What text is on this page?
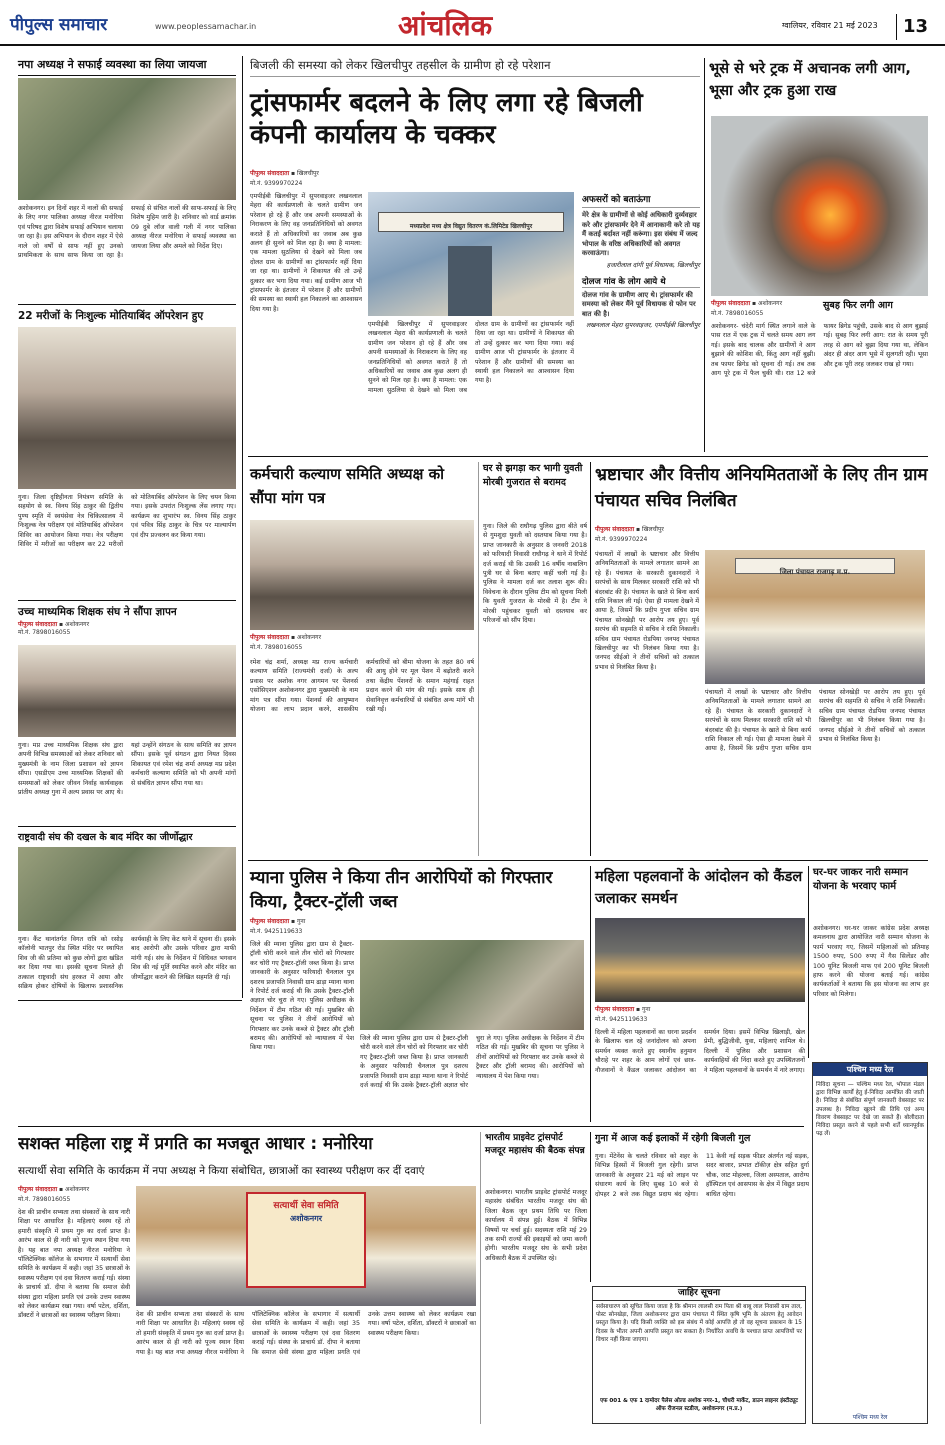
पीपुल्स समाचार	www.peoplessamachar.in	आंचलिक	ग्वालियर, रविवार 21 मई 2023 13
नपा अध्यक्ष ने सफाई व्यवस्था का लिया जायजा
अशोकनगर। इन दिनों शहर में नालों की सफाई के लिए नगर पालिका अध्यक्ष नीरज मनोरिया एवं परिषद द्वारा विशेष सफाई अभियान चलाया जा रहा है। इस अभियान के दौरान शहर में ऐसे नाले जो वर्षों से साफ नहीं हुए उनको प्राथमिकता के साथ साफ किया जा रहा है। सफाई से संचित नालों की साफ-सफाई के लिए विशेष मुहिम जारी है। शनिवार को वार्ड क्रमांक 09 दुबे लॉज वाली गली में नगर पालिका अध्यक्ष नीरज मनोरिया ने सफाई व्यवस्था का जायजा लिया और अमले को निर्देश दिए।
22 मरीजों के निःशुल्क मोतियाबिंद ऑपरेशन हुए
गुना। जिला दृष्टिहीनता नियंत्रण समिति के सहयोग से स्व. विनय सिंह ठाकुर की द्वितीय पुण्य स्मृति में स्वयंसेवा नेत्र चिकित्सालय में निःशुल्क नेत्र परीक्षण एवं मोतियाबिंद ऑपरेशन शिविर का आयोजन किया गया। नेत्र परीक्षण शिविर में मरीजों का परीक्षण कर 22 मरीजों को मोतियाबिंद ऑपरेशन के लिए चयन किया गया। इसके उपरांत निःशुल्क लेंस लगाए गए। कार्यक्रम का शुभारंभ स्व. विनय सिंह ठाकुर एवं पवित्र सिंह ठाकुर के चित्र पर माल्यार्पण एवं दीप प्रज्वलन कर किया गया।
उच्च माध्यमिक शिक्षक संघ ने सौंपा ज्ञापन
पीपुल्स संवाददाता ▪ अशोकनगर
मो.नं. 7898016055
गुना। मप्र उच्च माध्यमिक शिक्षक संघ द्वारा अपनी विभिन्न समस्याओं को लेकर शनिवार को मुख्यमंत्री के नाम जिला प्रशासन को ज्ञापन सौंपा। एसडीएम उच्च माध्यमिक शिक्षकों की समस्याओं को लेकर जीवन निर्वाह कार्यवाहक प्रांतीय अध्यक्ष गुना में अल्प प्रवास पर आए थे। यहां उन्होंने संगठन के साथ समिति का ज्ञापन सौंपा। इसके पूर्व संगठन द्वारा नियत दिवस शिकायत एवं रमेश चंद्र शर्मा अध्यक्ष मप्र प्रदेश कर्मचारी कल्याण समिति को भी अपनी मांगों से संबंधित ज्ञापन सौंपा गया था।
राष्ट्रवादी संघ की दखल के बाद मंदिर का जीर्णोद्धार
गुना। कैंट थानांतर्गत विगत रात्रि को रसोड़ कॉलोनी भातपुर रोड स्थित मंदिर पर स्थापित शिव जी की प्रतिमा को कुछ लोगों द्वारा खंडित कर दिया गया था। इसकी सूचना मिलते ही तत्काल राष्ट्रवादी संघ हरकत में आया और सक्रिय होकर दोषियों के खिलाफ प्रशासनिक कार्यवाही के लिए केंट थाने में सूचना दी। इसके बाद आरोपी और उसके परिवार द्वारा माफी मांगी गई। संघ के निर्देशन में विधिवत भगवान शिव की नई मूर्ति स्थापित करने और मंदिर का जीर्णोद्धार कराने की लिखित सहमति दी गई।
बिजली की समस्या को लेकर खिलचीपुर तहसील के ग्रामीण हो रहे परेशान
ट्रांसफार्मर बदलने के लिए लगा रहे बिजली कंपनी कार्यालय के चक्कर
पीपुल्स संवाददाता ▪ खिलचीपुर
मो.नं. 9399970224
एमपीईबी खिलचीपुर में सुपरवाइजर लखनलाल मेहरा की कार्यप्रणाली के चलते ग्रामीण जन परेशान हो रहे हैं और जब अपनी समस्याओं के निराकरण के लिए वह जनप्रतिनिधियों को अवगत कराते हैं तो अधिकारियों का जवाब अब कुछ अलग ही सुनने को मिल रहा है। क्या है मामला: एक मामला सुठलिया से देखने को मिला जब दोलत ग्राम के ग्रामीणों का ट्रांसफार्मर नहीं दिया जा रहा था। ग्रामीणों ने शिकायत की तो उन्हें दुत्कार कर भगा दिया गया। कई ग्रामीण आज भी ट्रांसफार्मर के इंतजार में परेशान हैं और ग्रामीणों की समस्या का स्थायी हल निकालने का आश्वासन दिया गया है।
मध्यप्रदेश मध्य क्षेत्र विद्युत वितरण कं.लिमिटेड खिलचीपुर
एमपीईबी खिलचीपुर में सुपरवाइजर लखनलाल मेहरा की कार्यप्रणाली के चलते ग्रामीण जन परेशान हो रहे हैं और जब अपनी समस्याओं के निराकरण के लिए वह जनप्रतिनिधियों को अवगत कराते हैं तो अधिकारियों का जवाब अब कुछ अलग ही सुनने को मिल रहा है। क्या है मामला: एक मामला सुठलिया से देखने को मिला जब दोलत ग्राम के ग्रामीणों का ट्रांसफार्मर नहीं दिया जा रहा था। ग्रामीणों ने शिकायत की तो उन्हें दुत्कार कर भगा दिया गया। कई ग्रामीण आज भी ट्रांसफार्मर के इंतजार में परेशान हैं और ग्रामीणों की समस्या का स्थायी हल निकालने का आश्वासन दिया गया है।
अफसरों को बताऊंगा
मेरे क्षेत्र के ग्रामीणों से कोई अधिकारी दुर्व्यवहार करे और ट्रांसफार्मर देने में आनाकानी करे तो यह मैं कतई बर्दाश्त नहीं करूंगा। इस संबंध में जल्द भोपाल के वरिष्ठ अधिकारियों को अवगत करवाऊंगा।
हजारीलाल दांगी पूर्व विधायक, खिलचीपुर
दोलज गांव के लोग आये थे
दोलज गांव के ग्रामीण आए थे। ट्रांसफार्मर की समस्या को लेकर मैंने पूर्व विधायक से फोन पर बात की है।
लखनलाल मेहरा सुपरवाइजर, एमपीईबी खिलचीपुर
भूसे से भरे ट्रक में अचानक लगी आग, भूसा और ट्रक हुआ राख
पीपुल्स संवाददाता ▪ अशोकनगर
मो.नं. 7898016055
सुबह फिर लगी आग
अशोकनगर- चंदेरी मार्ग स्थित लगाने वाले के पास रात में एक ट्रक में चलते समय आग लग गई। इसके बाद चालक और ग्रामीणों ने आग बुझाने की कोशिश की, किंतु आग नहीं बुझी। तब फायर ब्रिगेड को सूचना दी गई। तब तक आग पूरे ट्रक में फैल चुकी थी। रात 12 बजे फायर ब्रिगेड पहुंची, उसके बाद से आग बुझाई गई। सुबह फिर लगी आग: रात के समय पूरी तरह से आग को बुझा दिया गया था, लेकिन अंदर ही अंदर आग भूसे में सुलगती रही। भूसा और ट्रक पूरी तरह जलकर राख हो गया।
कर्मचारी कल्याण समिति अध्यक्ष को सौंपा मांग पत्र
पीपुल्स संवाददाता ▪ अशोकनगर
मो.नं. 7898016055
रमेश चंद्र शर्मा, अध्यक्ष मप्र राज्य कर्मचारी कल्याण समिति (राज्यमंत्री दर्जा) के अल्प प्रवास पर अशोक नगर आगमन पर पेंशनर्स एसोसिएशन अशोकनगर द्वारा मुख्यमंत्री के नाम मांग पत्र सौंपा गया। पेंशनर्स की आयुष्मान योजना का लाभ प्रदान करने, शासकीय कर्मचारियों को बीमा योजना के तहत 80 वर्ष की आयु होने पर मूल पेंशन में बढ़ोतरी करने तथा केंद्रीय पेंशनरों के समान महंगाई राहत प्रदान करने की मांग की गई। इसके साथ ही सेवानिवृत्त कर्मचारियों से संबंधित अन्य मांगें भी रखी गईं।
घर से झगड़ा कर भागी युवती मोरबी गुजरात से बरामद
गुना। जिले की राघौगढ़ पुलिस द्वारा बीते वर्ष से गुमशुदा युवती को दस्तयाब किया गया है। प्राप्त जानकारी के अनुसार 8 जनवरी 2018 को फरियादी निवासी राघौगढ़ ने थाने में रिपोर्ट दर्ज कराई थी कि उसकी 16 वर्षीय नाबालिग पुत्री घर से बिना बताए कहीं चली गई है। पुलिस ने मामला दर्ज कर तलाश शुरू की। विवेचना के दौरान पुलिस टीम को सूचना मिली कि युवती गुजरात के मोरबी में है। टीम ने मोरबी पहुंचकर युवती को दस्तयाब कर परिजनों को सौंप दिया।
भ्रष्टाचार और वित्तीय अनियमितताओं के लिए तीन ग्राम पंचायत सचिव निलंबित
पीपुल्स संवाददाता ▪ खिलचीपुर
मो.नं. 9399970224
पंचायतों में लाखों के भ्रष्टाचार और वित्तीय अनियमितताओं के मामले लगातार सामने आ रहे हैं। पंचायत के सरकारी दुकानदारों ने सरपंचों के साथ मिलकर सरकारी राशि को भी बंदरबांट की है। पंचायत के खाते से बिना कार्य राशि निकाल ली गई। ऐसा ही मामला देखने में आया है, जिसमें कि प्रदीप गुप्ता सचिव ग्राम पंचायत सोनखेड़ी पर आरोप तय हुए। पूर्व सरपंच की सहमति से सचिव ने राशि निकाली। सचिव ग्राम पंचायत रोडपिया जनपद पंचायत खिलचीपुर का भी निलंबन किया गया है। जनपद सीईओ ने तीनों सचिवों को तत्काल प्रभाव से निलंबित किया है।
जिला पंचायत राजगढ़ म.प्र.
पंचायतों में लाखों के भ्रष्टाचार और वित्तीय अनियमितताओं के मामले लगातार सामने आ रहे हैं। पंचायत के सरकारी दुकानदारों ने सरपंचों के साथ मिलकर सरकारी राशि को भी बंदरबांट की है। पंचायत के खाते से बिना कार्य राशि निकाल ली गई। ऐसा ही मामला देखने में आया है, जिसमें कि प्रदीप गुप्ता सचिव ग्राम पंचायत सोनखेड़ी पर आरोप तय हुए। पूर्व सरपंच की सहमति से सचिव ने राशि निकाली। सचिव ग्राम पंचायत रोडपिया जनपद पंचायत खिलचीपुर का भी निलंबन किया गया है। जनपद सीईओ ने तीनों सचिवों को तत्काल प्रभाव से निलंबित किया है।
म्याना पुलिस ने किया तीन आरोपियों को गिरफ्तार किया, ट्रैक्टर-ट्रॉली जब्त
पीपुल्स संवाददाता ▪ गुना
मो.नं. 9425119633
जिले की म्याना पुलिस द्वारा ग्राम से ट्रैक्टर-ट्रॉली चोरी करने वाले तीन चोरों को गिरफ्तार कर चोरी गए ट्रैक्टर-ट्रॉली जब्त किया है। प्राप्त जानकारी के अनुसार फरियादी चैनलाल पुत्र दशरथ प्रजापति निवासी ग्राम ढाड़ा म्याना थाना ने रिपोर्ट दर्ज कराई थी कि उसके ट्रैक्टर-ट्रॉली अज्ञात चोर चुरा ले गए। पुलिस अधीक्षक के निर्देशन में टीम गठित की गई। मुखबिर की सूचना पर पुलिस ने तीनों आरोपियों को गिरफ्तार कर उनके कब्जे से ट्रैक्टर और ट्रॉली बरामद की। आरोपियों को न्यायालय में पेश किया गया।
जिले की म्याना पुलिस द्वारा ग्राम से ट्रैक्टर-ट्रॉली चोरी करने वाले तीन चोरों को गिरफ्तार कर चोरी गए ट्रैक्टर-ट्रॉली जब्त किया है। प्राप्त जानकारी के अनुसार फरियादी चैनलाल पुत्र दशरथ प्रजापति निवासी ग्राम ढाड़ा म्याना थाना ने रिपोर्ट दर्ज कराई थी कि उसके ट्रैक्टर-ट्रॉली अज्ञात चोर चुरा ले गए। पुलिस अधीक्षक के निर्देशन में टीम गठित की गई। मुखबिर की सूचना पर पुलिस ने तीनों आरोपियों को गिरफ्तार कर उनके कब्जे से ट्रैक्टर और ट्रॉली बरामद की। आरोपियों को न्यायालय में पेश किया गया।
महिला पहलवानों के आंदोलन को कैंडल जलाकर समर्थन
पीपुल्स संवाददाता ▪ गुना
मो.नं. 9425119633
दिल्ली में महिला पहलवानों का धरना प्रदर्शन के खिलाफ चल रहे जनांदोलन को अपना समर्थन व्यक्त करते हुए स्थानीय हनुमान चौराहे पर शहर के आम लोगों एवं छात्र-नौजवानों ने कैंडल जलाकर आंदोलन का समर्थन दिया। इसमें विभिन्न खिलाड़ी, खेल प्रेमी, बुद्धिजीवी, युवा, महिलाएं शामिल थे। दिल्ली में पुलिस और प्रशासन की कार्यवाहियों की निंदा करते हुए उपस्थितजनों ने महिला पहलवानों के समर्थन में नारे लगाए।
घर-घर जाकर नारी सम्मान योजना के भरवाए फार्म
अशोकनगर। घर-घर जाकर कांग्रेस प्रदेश अध्यक्ष कमलनाथ द्वारा आयोजित नारी सम्मान योजना के फार्म भरवाए गए, जिसमें महिलाओं को प्रतिमाह 1500 रुपए, 500 रुपए में गैस सिलेंडर और 100 यूनिट बिजली माफ एवं 200 यूनिट बिजली हाफ करने की योजना बताई गई। कांग्रेस कार्यकर्ताओं ने बताया कि इस योजना का लाभ हर परिवार को मिलेगा।
पश्चिम मध्य रेल
निविदा सूचना — पश्चिम मध्य रेल, भोपाल मंडल द्वारा विभिन्न कार्यों हेतु ई-निविदा आमंत्रित की जाती है। निविदा से संबंधित संपूर्ण जानकारी वेबसाइट पर उपलब्ध है। निविदा खुलने की तिथि एवं अन्य विवरण वेबसाइट पर देखे जा सकते हैं। बोलीदाता निविदा प्रस्तुत करने से पहले सभी शर्तें ध्यानपूर्वक पढ़ लें।
पश्चिम मध्य रेल
सशक्त महिला राष्ट्र में प्रगति का मजबूत आधार : मनोरिया
सत्यार्थी सेवा समिति के कार्यक्रम में नपा अध्यक्ष ने किया संबोधित, छात्राओं का स्वास्थ्य परीक्षण कर दीं दवाएं
पीपुल्स संवाददाता ▪ अशोकनगर
मो.नं. 7898016055
देश की प्राचीन सभ्यता तथा संस्कारों के साथ नारी शिक्षा पर आधारित है। महिलाएं स्वस्थ रहें तो हमारी संस्कृति में प्रथम गुरु का दर्जा प्राप्त है। आरंभ काल से ही नारी को पूज्य स्थान दिया गया है। यह बात नपा अध्यक्ष नीरज मनोरिया ने पॉलिटेक्निक कॉलेज के सभागार में सत्यार्थी सेवा समिति के कार्यक्रम में कही। जहां 35 छात्राओं के स्वास्थ्य परीक्षण एवं दवा वितरण कराई गई। संस्था के प्राचार्य डॉ. दीपा ने बताया कि समाज सेवी संस्था द्वारा महिला प्रगति एवं उनके उत्तम स्वास्थ्य को लेकर कार्यक्रम रखा गया। वर्षा पटेल, दर्शिता, डॉक्टरों ने छात्राओं का स्वास्थ्य परीक्षण किया।
सत्यार्थी सेवा समिति
अशोकनगर
देश की प्राचीन सभ्यता तथा संस्कारों के साथ नारी शिक्षा पर आधारित है। महिलाएं स्वस्थ रहें तो हमारी संस्कृति में प्रथम गुरु का दर्जा प्राप्त है। आरंभ काल से ही नारी को पूज्य स्थान दिया गया है। यह बात नपा अध्यक्ष नीरज मनोरिया ने पॉलिटेक्निक कॉलेज के सभागार में सत्यार्थी सेवा समिति के कार्यक्रम में कही। जहां 35 छात्राओं के स्वास्थ्य परीक्षण एवं दवा वितरण कराई गई। संस्था के प्राचार्य डॉ. दीपा ने बताया कि समाज सेवी संस्था द्वारा महिला प्रगति एवं उनके उत्तम स्वास्थ्य को लेकर कार्यक्रम रखा गया। वर्षा पटेल, दर्शिता, डॉक्टरों ने छात्राओं का स्वास्थ्य परीक्षण किया।
भारतीय प्राइवेट ट्रांसपोर्ट मजदूर महासंघ की बैठक संपन्न
अशोकनगर। भारतीय प्राइवेट ट्रांसपोर्ट मजदूर महासंघ संबंधित भारतीय मजदूर संघ की जिला बैठक जून प्रथम तिथि पर जिला कार्यालय में संपन्न हुई। बैठक में विभिन्न विषयों पर चर्चा हुई। सदस्यता राशि मई 29 तक सभी राज्यों की इकाइयों को जमा करनी होगी। भारतीय मजदूर संघ के सभी प्रदेश अधिकारी बैठक में उपस्थित रहे।
गुना में आज कई इलाकों में रहेगी बिजली गुल
गुना। मेंटेनेंस के चलते रविवार को शहर के विभिन्न हिस्सों में बिजली गुल रहेगी। प्राप्त जानकारी के अनुसार 21 मई को लाइन पर संधारण कार्य के लिए सुबह 10 बजे से दोपहर 2 बजे तक विद्युत प्रदाय बंद रहेगा। 11 केवी नई सड़क फीडर अंतर्गत नई सड़क, सदर बाजार, प्रभात टॉकीज़ क्षेत्र सहित दुर्गा चौक, जाट मोहल्ला, जिला अस्पताल, आरोग्य हॉस्पिटल एवं आसपास के क्षेत्र में विद्युत प्रदाय बाधित रहेगा।
जाहिर सूचना
सर्वसाधारण को सूचित किया जाता है कि श्रीमान लालसी राम पिता श्री बाबू लाल निवासी ग्राम ताल, पोस्ट सोनखेड़ा, जिला अशोकनगर द्वारा ग्राम पंचायत में स्थित कृषि भूमि के अंतरण हेतु आवेदन प्रस्तुत किया है। यदि किसी व्यक्ति को इस संबंध में कोई आपत्ति हो तो वह सूचना प्रकाशन के 15 दिवस के भीतर अपनी आपत्ति प्रस्तुत कर सकता है। निर्धारित अवधि के पश्चात प्राप्त आपत्तियों पर विचार नहीं किया जाएगा।
एफ 001 & एफ 1 दामोदर पैलेस ओल्ड अशोक नगर-1, चौधरी मार्केट, डाउन लाइनर इंस्टीट्यूट ऑफ रीजनल स्टडीज, अशोकनगर (म.प्र.)
